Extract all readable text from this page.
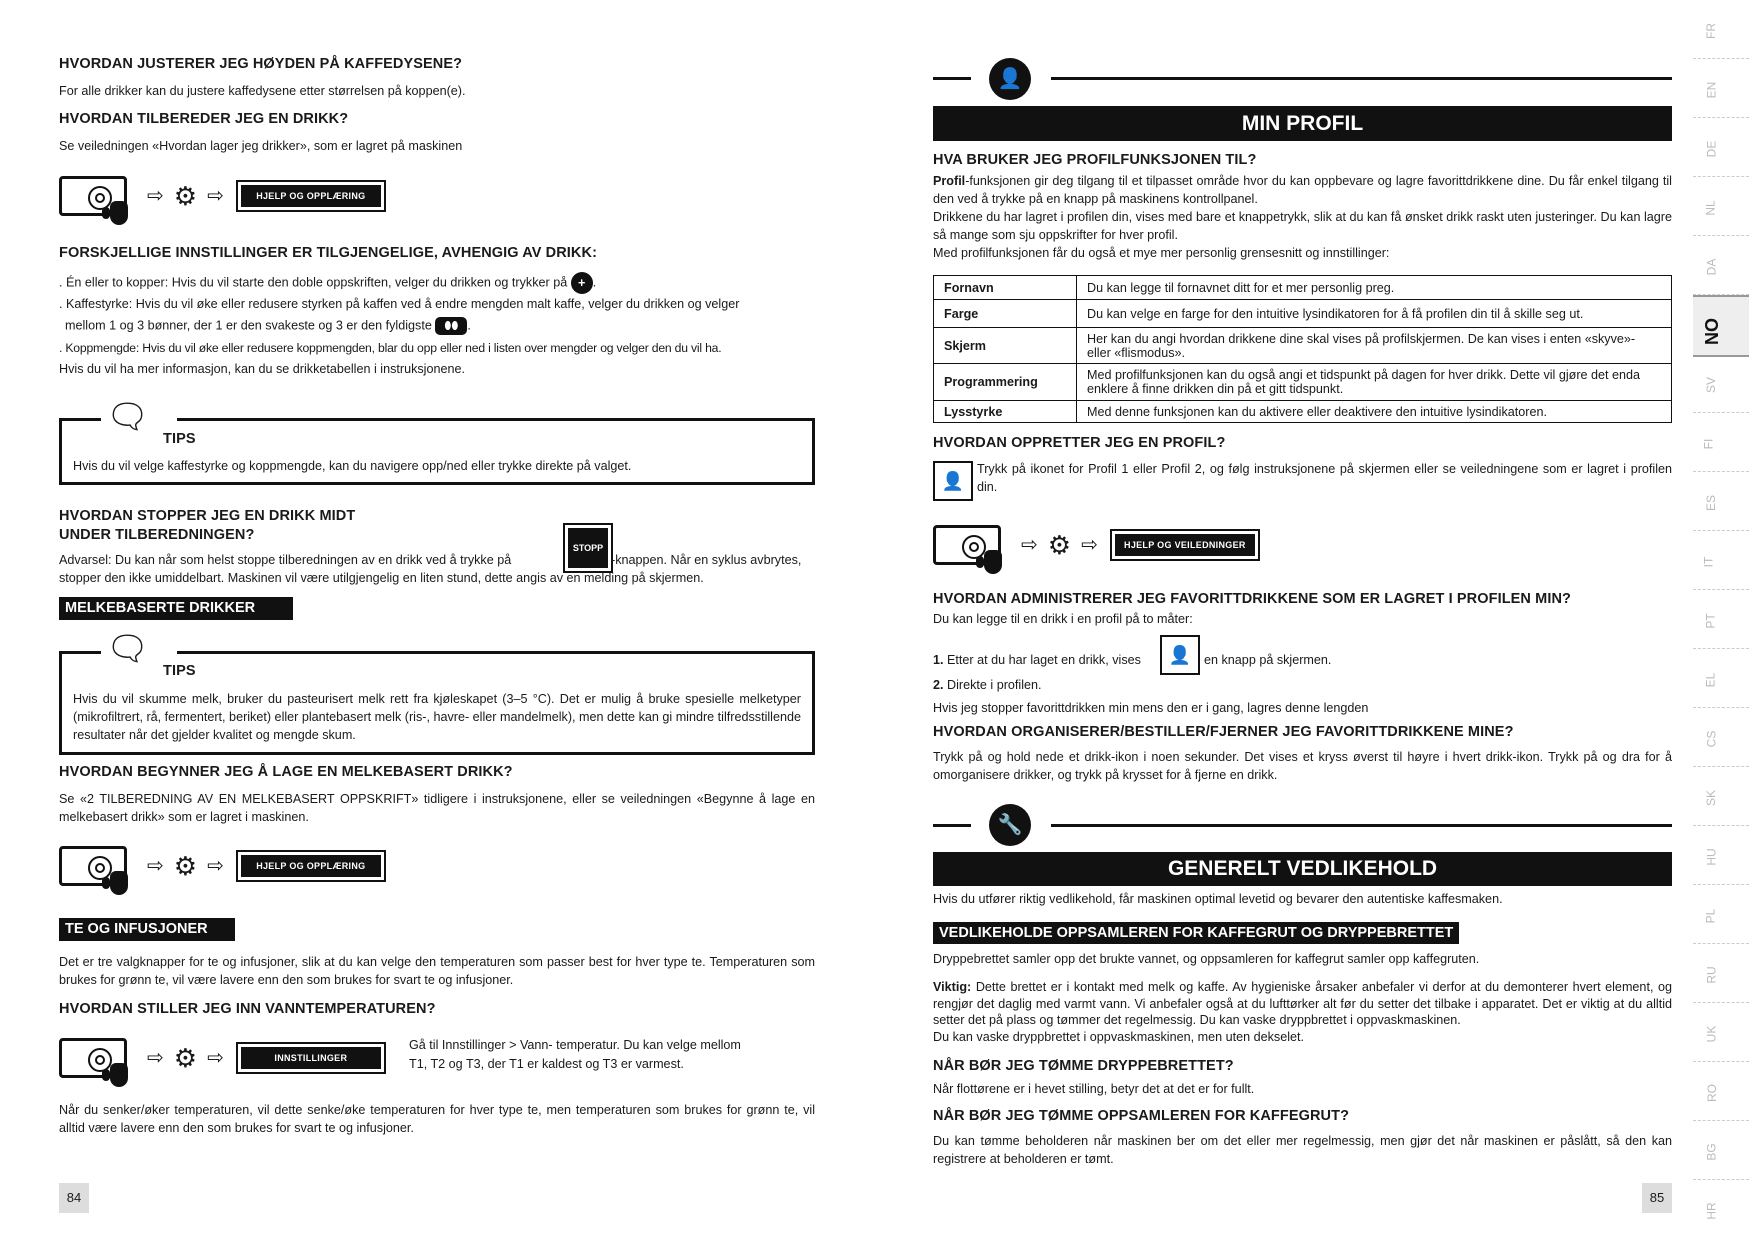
HVORDAN JUSTERER JEG HØYDEN PÅ KAFFEDYSENE?
For alle drikker kan du justere kaffedysene etter størrelsen på koppen(e).
HVORDAN TILBEREDER JEG EN DRIKK?
Se veiledningen «Hvordan lager jeg drikker», som er lagret på maskinen
⇨ ⚙ ⇨	HJELP OG OPPLÆRING
FORSKJELLIGE INNSTILLINGER ER TILGJENGELIGE, AVHENGIG AV DRIKK:
. Én eller to kopper: Hvis du vil starte den doble oppskriften, velger du drikken og trykker på + .
. Kaffestyrke: Hvis du vil øke eller redusere styrken på kaffen ved å endre mengden malt kaffe, velger du drikken og velger
mellom 1 og 3 bønner, der 1 er den svakeste og 3 er den fyldigste ⬮⬮ .
. Koppmengde: Hvis du vil øke eller redusere koppmengden, blar du opp eller ned i listen over mengder og velger den du vil ha.
Hvis du vil ha mer informasjon, kan du se drikketabellen i instruksjonene.
🗨
TIPS
Hvis du vil velge kaffestyrke og koppmengde, kan du navigere opp/ned eller trykke direkte på valget.
HVORDAN STOPPER JEG EN DRIKK MIDT
UNDER TILBEREDNINGEN?
STOPP
Advarsel: Du kan når som helst stoppe tilberedningen av en drikk ved å trykke på	-knappen. Når en syklus avbrytes,
stopper den ikke umiddelbart. Maskinen vil være utilgjengelig en liten stund, dette angis av en melding på skjermen.
MELKEBASERTE DRIKKER
🗨
TIPS
Hvis du vil skumme melk, bruker du pasteurisert melk rett fra kjøleskapet (3–5 °C). Det er mulig å bruke spesielle melketyper (mikrofiltrert, rå, fermentert, beriket) eller plantebasert melk (ris-, havre- eller mandelmelk), men dette kan gi mindre tilfredsstillende resultater når det gjelder kvalitet og mengde skum.
HVORDAN BEGYNNER JEG Å LAGE EN MELKEBASERT DRIKK?
Se «2 TILBEREDNING AV EN MELKEBASERT OPPSKRIFT» tidligere i instruksjonene, eller se veiledningen «Begynne å lage en melkebasert drikk» som er lagret i maskinen.
⇨ ⚙ ⇨	HJELP OG OPPLÆRING
TE OG INFUSJONER
Det er tre valgknapper for te og infusjoner, slik at du kan velge den temperaturen som passer best for hver type te. Temperaturen som brukes for grønn te, vil være lavere enn den som brukes for svart te og infusjoner.
HVORDAN STILLER JEG INN VANNTEMPERATUREN?
⇨ ⚙ ⇨	INNSTILLINGER
Gå til Innstillinger > Vann- temperatur. Du kan velge mellom
T1, T2 og T3, der T1 er kaldest og T3 er varmest.
Når du senker/øker temperaturen, vil dette senke/øke temperaturen for hver type te, men temperaturen som brukes for grønn te, vil alltid være lavere enn den som brukes for svart te og infusjoner.
84
👤
MIN PROFIL
HVA BRUKER JEG PROFILFUNKSJONEN TIL?
Profil-funksjonen gir deg tilgang til et tilpasset område hvor du kan oppbevare og lagre favorittdrikkene dine. Du får enkel tilgang til den ved å trykke på en knapp på maskinens kontrollpanel.
Drikkene du har lagret i profilen din, vises med bare et knappetrykk, slik at du kan få ønsket drikk raskt uten justeringer. Du kan lagre så mange som sju oppskrifter for hver profil.
Med profilfunksjonen får du også et mye mer personlig grensesnitt og innstillinger:
Fornavn	Du kan legge til fornavnet ditt for et mer personlig preg.
Farge	Du kan velge en farge for den intuitive lysindikatoren for å få profilen din til å skille seg ut.
Skjerm	Her kan du angi hvordan drikkene dine skal vises på profilskjermen. De kan vises i enten «skyve»- eller «flismodus».
Programmering	Med profilfunksjonen kan du også angi et tidspunkt på dagen for hver drikk. Dette vil gjøre det enda enklere å finne drikken din på et gitt tidspunkt.
Lysstyrke	Med denne funksjonen kan du aktivere eller deaktivere den intuitive lysindikatoren.
HVORDAN OPPRETTER JEG EN PROFIL?
👤
Trykk på ikonet for Profil 1 eller Profil 2, og følg instruksjonene på skjermen eller se veiledningene som er lagret i profilen din.
⇨ ⚙ ⇨	HJELP OG VEILEDNINGER
HVORDAN ADMINISTRERER JEG FAVORITTDRIKKENE SOM ER LAGRET I PROFILEN MIN?
Du kan legge til en drikk i en profil på to måter:
1. Etter at du har laget en drikk, vises	👤	en knapp på skjermen.
2. Direkte i profilen.
Hvis jeg stopper favorittdrikken min mens den er i gang, lagres denne lengden
HVORDAN ORGANISERER/BESTILLER/FJERNER JEG FAVORITTDRIKKENE MINE?
Trykk på og hold nede et drikk-ikon i noen sekunder. Det vises et kryss øverst til høyre i hvert drikk-ikon. Trykk på og dra for å omorganisere drikker, og trykk på krysset for å fjerne en drikk.
🔧
GENERELT VEDLIKEHOLD
Hvis du utfører riktig vedlikehold, får maskinen optimal levetid og bevarer den autentiske kaffesmaken.
VEDLIKEHOLDE OPPSAMLEREN FOR KAFFEGRUT OG DRYPPEBRETTET
Dryppebrettet samler opp det brukte vannet, og oppsamleren for kaffegrut samler opp kaffegruten.
Viktig: Dette brettet er i kontakt med melk og kaffe. Av hygieniske årsaker anbefaler vi derfor at du demonterer hvert element, og rengjør det daglig med varmt vann. Vi anbefaler også at du lufttørker alt før du setter det tilbake i apparatet. Det er viktig at du alltid setter det på plass og tømmer det regelmessig. Du kan vaske dryppbrettet i oppvaskmaskinen.
Du kan vaske dryppbrettet i oppvaskmaskinen, men uten dekselet.
NÅR BØR JEG TØMME DRYPPEBRETTET?
Når flottørene er i hevet stilling, betyr det at det er for fullt.
NÅR BØR JEG TØMME OPPSAMLEREN FOR KAFFEGRUT?
Du kan tømme beholderen når maskinen ber om det eller mer regelmessig, men gjør det når maskinen er påslått, så den kan registrere at beholderen er tømt.
85
FR
EN
DE
NL
DA
NO
SV
FI
ES
IT
PT
EL
CS
SK
HU
PL
RU
UK
RO
BG
HR
